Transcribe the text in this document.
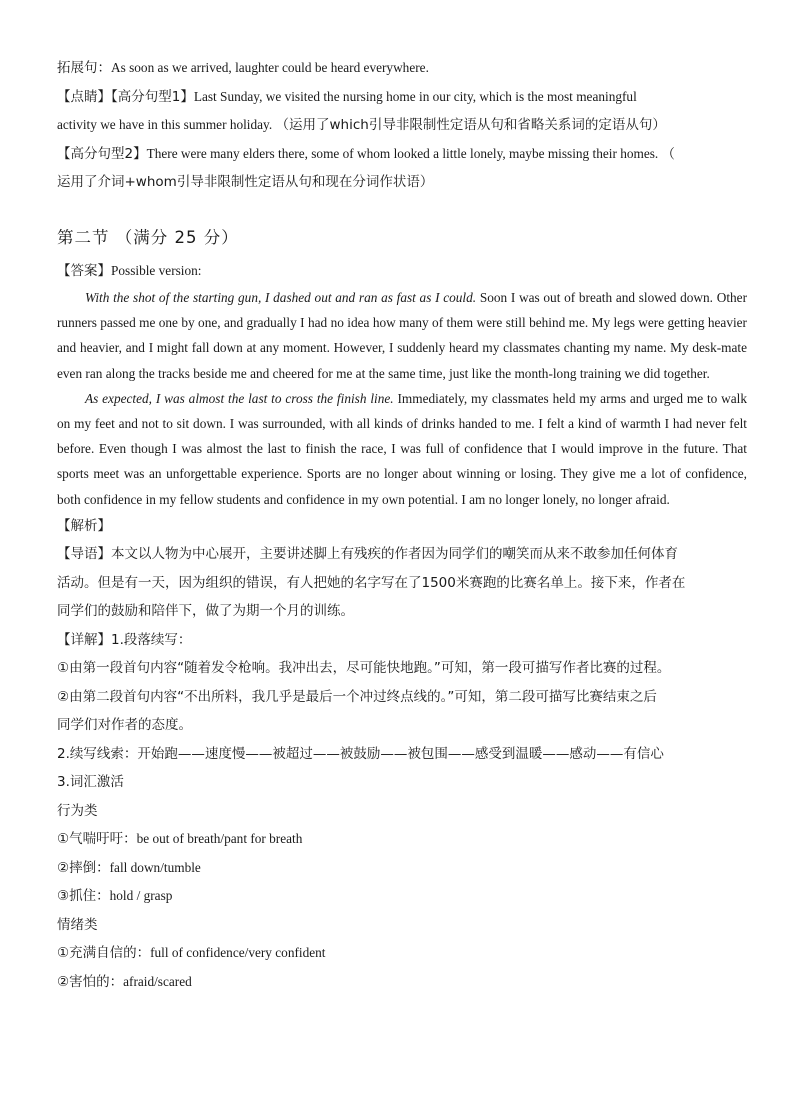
拓展句：As soon as we arrived, laughter could be heard everywhere.
【点睛】【高分句型1】Last Sunday, we visited the nursing home in our city, which is the most meaningful
activity we have in this summer holiday. （运用了which引导非限制性定语从句和省略关系词的定语从句）
【高分句型2】There were many elders there, some of whom looked a little lonely, maybe missing their homes. （
运用了介词+whom引导非限制性定语从句和现在分词作状语）
第二节 （满分 25 分）
【答案】Possible version:

With the shot of the starting gun, I dashed out and ran as fast as I could. Soon I was out of breath and slowed down. Other runners passed me one by one, and gradually I had no idea how many of them were still behind me. My legs were getting heavier and heavier, and I might fall down at any moment. However, I suddenly heard my classmates chanting my name. My desk-mate even ran along the tracks beside me and cheered for me at the same time, just like the month-long training we did together.

As expected, I was almost the last to cross the finish line. Immediately, my classmates held my arms and urged me to walk on my feet and not to sit down. I was surrounded, with all kinds of drinks handed to me. I felt a kind of warmth I had never felt before. Even though I was almost the last to finish the race, I was full of confidence that I would improve in the future. That sports meet was an unforgettable experience. Sports are no longer about winning or losing. They give me a lot of confidence, both confidence in my fellow students and confidence in my own potential. I am no longer lonely, no longer afraid.

【解析】
【导语】本文以人物为中心展开，主要讲述脚上有残疾的作者因为同学们的嘲笑而从来不敢参加任何体育
活动。但是有一天，因为组织的错误，有人把她的名字写在了1500米赛跑的比赛名单上。接下来，作者在
同学们的鼓励和陪伴下，做了为期一个月的训练。
【详解】1.段落续写：
①由第一段首句内容“随着发令枪响。我冲出去，尽可能快地跑。”可知，第一段可描写作者比赛的过程。
②由第二段首句内容“不出所料，我几乎是最后一个冲过终点线的。”可知，第二段可描写比赛结束之后
同学们对作者的态度。
2.续写线索：开始跑——速度慢——被超过——被鼓励——被包围——感受到温暖——感动——有信心
3.词汇激活
行为类
①气喘吁吁：be out of breath/pant for breath
②摔倒：fall down/tumble
③抓住：hold / grasp
情绪类
①充满自信的：full of confidence/very confident
②害怕的：afraid/scared
